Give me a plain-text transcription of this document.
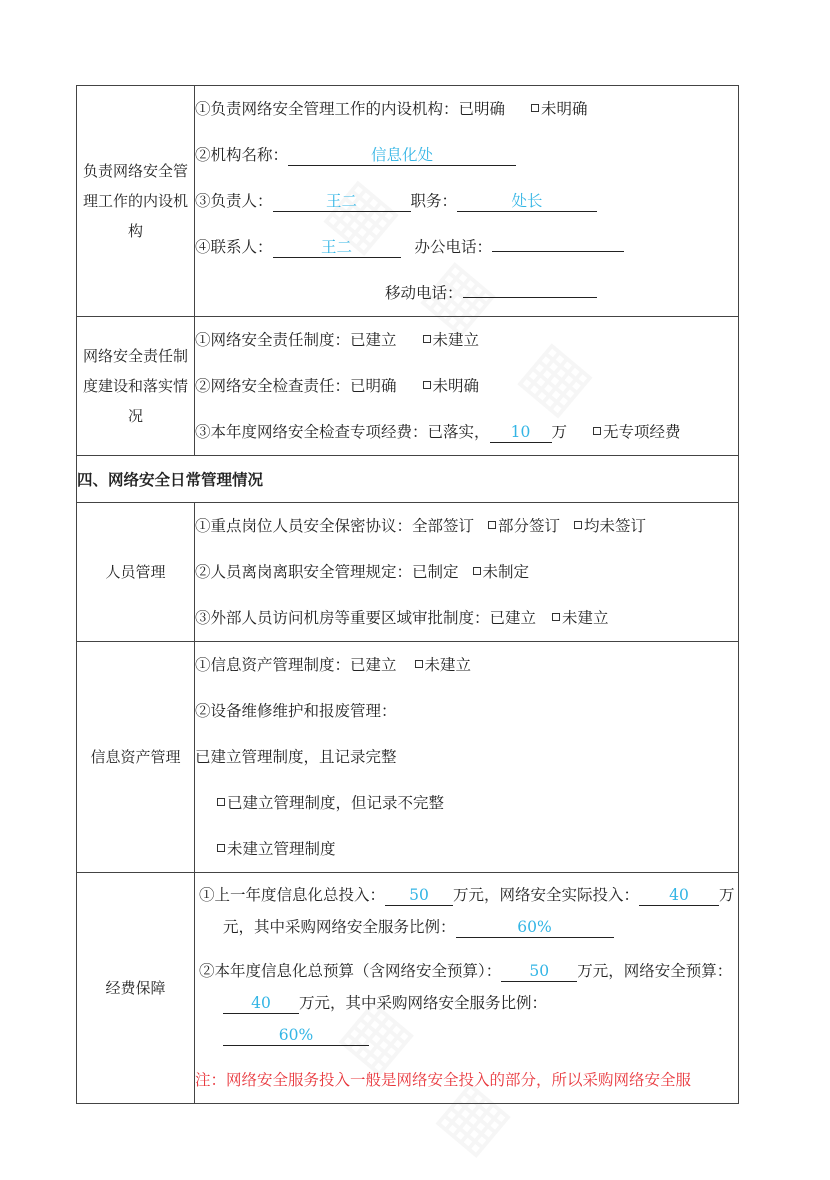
负责网络安全管理工作的内设机构	①负责网络安全管理工作的内设机构：已明确 未明确
②机构名称： 信息化处
③负责人： 王二 职务： 处长
④联系人： 王二 办公电话：
移动电话：

网络安全责任制度建设和落实情况	①网络安全责任制度：已建立 未建立
②网络安全检查责任：已明确 未明确
③本年度网络安全检查专项经费：已落实， 10 万 无专项经费

四、网络安全日常管理情况	
人员管理	①重点岗位人员安全保密协议：全部签订 部分签订 均未签订
②人员离岗离职安全管理规定：已制定 未制定
③外部人员访问机房等重要区域审批制度：已建立 未建立

信息资产管理	①信息资产管理制度：已建立 未建立
②设备维修维护和报废管理：
已建立管理制度，且记录完整
已建立管理制度，但记录不完整
未建立管理制度

经费保障	①上一年度信息化总投入： 50 万元，网络安全实际投入： 40 万元，其中采购网络安全服务比例： 60%
②本年度信息化总预算（含网络安全预算）： 50 万元，网络安全预算：40 万元，其中采购网络安全服务比例：
60%
注：网络安全服务投入一般是网络安全投入的部分，所以采购网络安全服
